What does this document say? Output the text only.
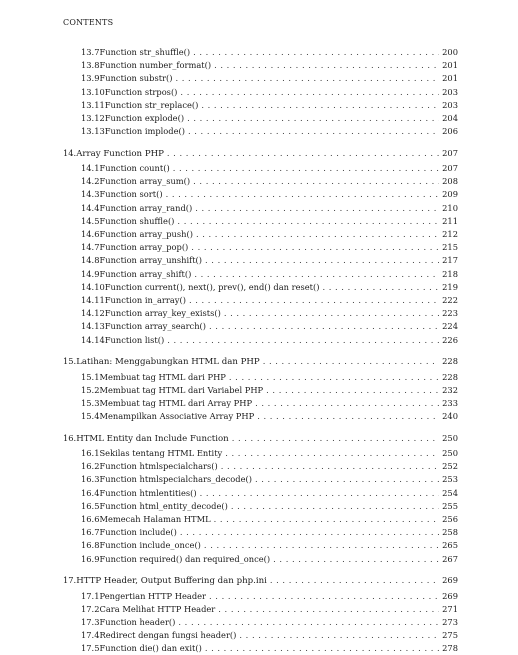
CONTENTS
13.7 Function str_shuffle() . . .	200
13.8 Function number_format() . . .	201
13.9 Function substr() . . .	201
13.10 Function strpos() . . .	203
13.11 Function str_replace() . . .	203
13.12 Function explode() . . .	204
13.13 Function implode() . . .	206
14. Array Function PHP . . .	207
14.1 Function count() . . .	207
14.2 Function array_sum() . . .	208
14.3 Function sort() . . .	209
14.4 Function array_rand() . . .	210
14.5 Function shuffle() . . .	211
14.6 Function array_push() . . .	212
14.7 Function array_pop() . . .	215
14.8 Function array_unshift() . . .	217
14.9 Function array_shift() . . .	218
14.10 Function current(), next(), prev(), end() dan reset() . . .	219
14.11 Function in_array() . . .	222
14.12 Function array_key_exists() . . .	223
14.13 Function array_search() . . .	224
14.14 Function list() . . .	226
15. Latihan: Menggabungkan HTML dan PHP . . .	228
15.1 Membuat tag HTML dari PHP . . .	228
15.2 Membuat tag HTML dari Variabel PHP . . .	232
15.3 Membuat tag HTML dari Array PHP . . .	233
15.4 Menampilkan Associative Array PHP . . .	240
16. HTML Entity dan Include Function . . .	250
16.1 Sekilas tentang HTML Entity . . .	250
16.2 Function htmlspecialchars() . . .	252
16.3 Function htmlspecialchars_decode() . . .	253
16.4 Function htmlentities() . . .	254
16.5 Function html_entity_decode() . . .	255
16.6 Memecah Halaman HTML . . .	256
16.7 Function include() . . .	258
16.8 Function include_once() . . .	265
16.9 Function required() dan required_once() . . .	267
17. HTTP Header, Output Buffering dan php.ini . . .	269
17.1 Pengertian HTTP Header . . .	269
17.2 Cara Melihat HTTP Header . . .	271
17.3 Function header() . . .	273
17.4 Redirect dengan fungsi header() . . .	275
17.5 Function die() dan exit() . . .	278
